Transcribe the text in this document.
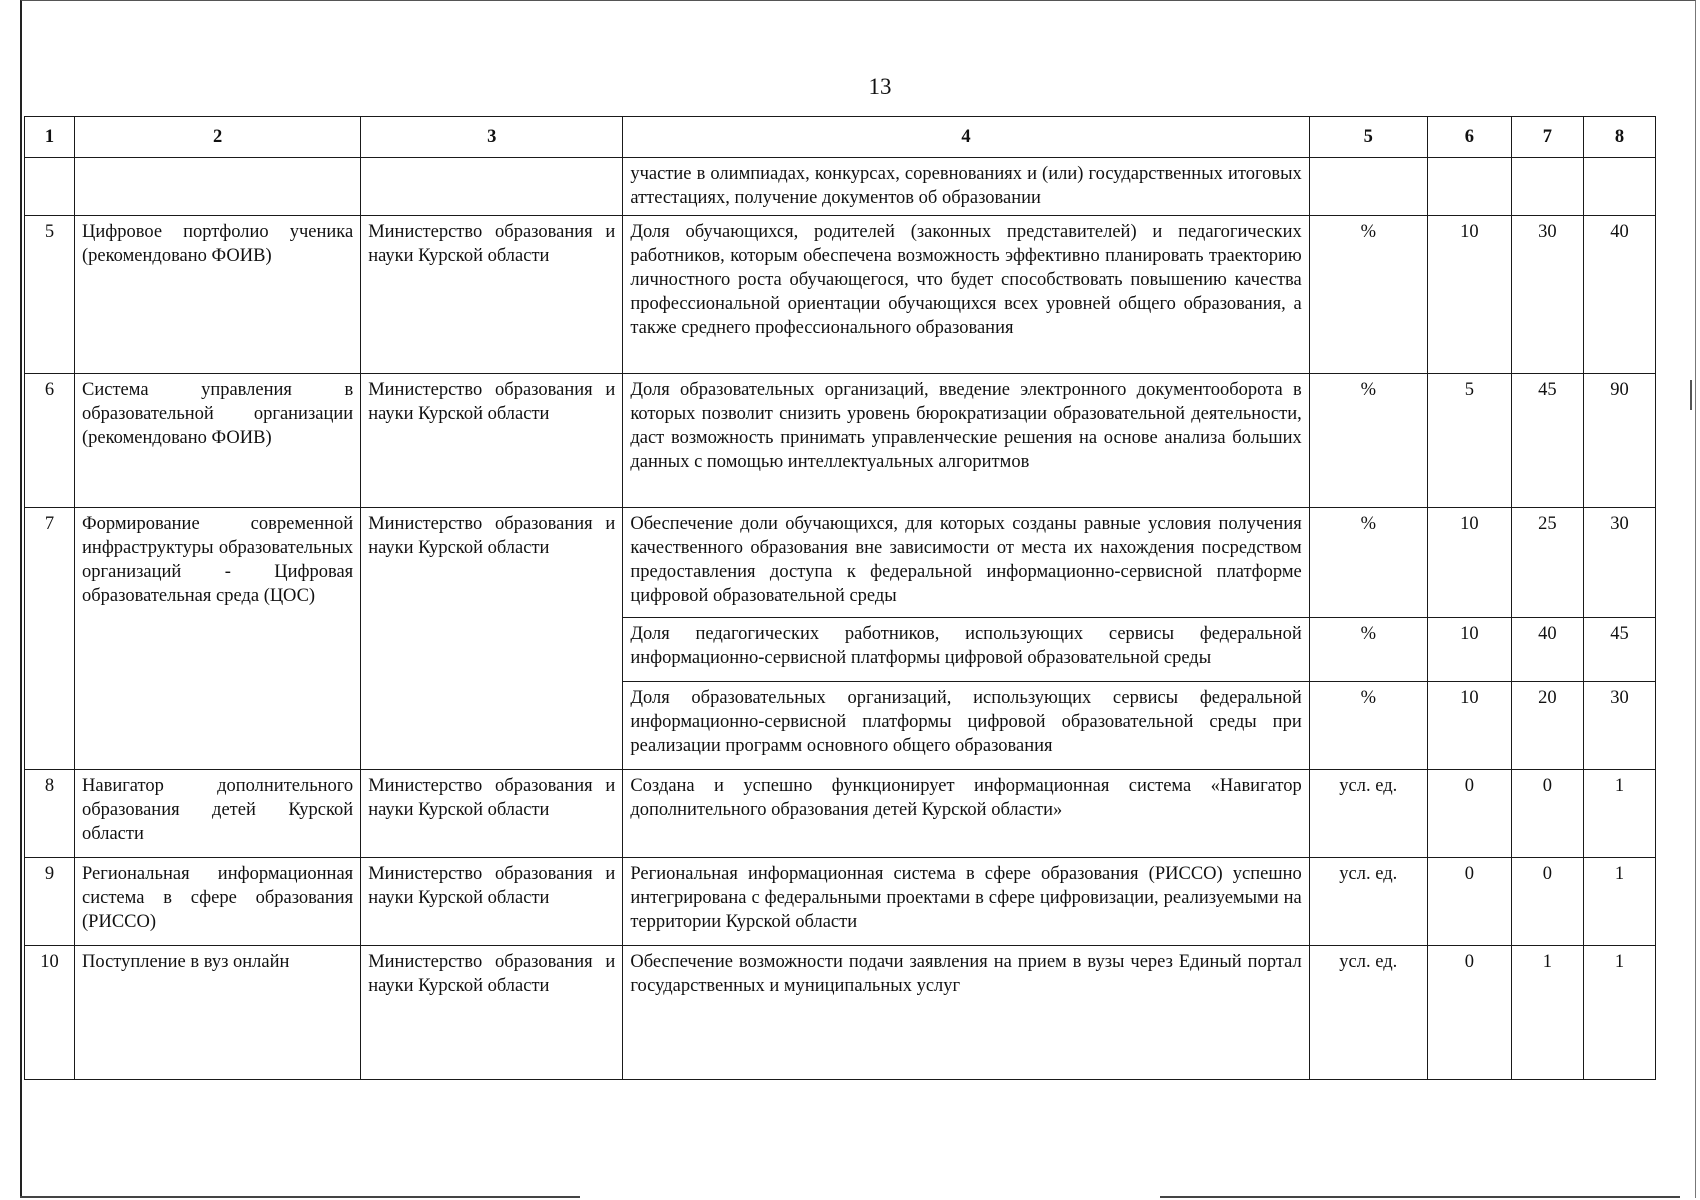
13
1	2	3	4	5	6	7	8
			участие в олимпиадах, конкурсах, соревнованиях и (или) государственных итоговых аттестациях, получение документов об образовании				
5	Цифровое портфолио ученика (рекомендовано ФОИВ)	Министерство образования и науки Курской области	Доля обучающихся, родителей (законных представителей) и педагогических работников, которым обеспечена возможность эффективно планировать траекторию личностного роста обучающегося, что будет способствовать повышению качества профессиональной ориентации обучающихся всех уровней общего образования, а также среднего профессионального образования	%	10	30	40
6	Система управления в образовательной организации (рекомендовано ФОИВ)	Министерство образования и науки Курской области	Доля образовательных организаций, введение электронного документооборота в которых позволит снизить уровень бюрократизации образовательной деятельности, даст возможность принимать управленческие решения на основе анализа больших данных с помощью интеллектуальных алгоритмов	%	5	45	90
7	Формирование современной инфраструктуры образовательных организаций - Цифровая образовательная среда (ЦОС)	Министерство образования и науки Курской области	Обеспечение доли обучающихся, для которых созданы равные условия получения качественного образования вне зависимости от места их нахождения посредством предоставления доступа к федеральной информационно-сервисной платформе цифровой образовательной среды	%	10	25	30
			Доля педагогических работников, использующих сервисы федеральной информационно-сервисной платформы цифровой образовательной среды	%	10	40	45
			Доля образовательных организаций, использующих сервисы федеральной информационно-сервисной платформы цифровой образовательной среды при реализации программ основного общего образования	%	10	20	30
8	Навигатор дополнительного образования детей Курской области	Министерство образования и науки Курской области	Создана и успешно функционирует информационная система «Навигатор дополнительного образования детей Курской области»	усл. ед.	0	0	1
9	Региональная информационная система в сфере образования (РИССО)	Министерство образования и науки Курской области	Региональная информационная система в сфере образования (РИССО) успешно интегрирована с федеральными проектами в сфере цифровизации, реализуемыми на территории Курской области	усл. ед.	0	0	1
10	Поступление в вуз онлайн	Министерство образования и науки Курской области	Обеспечение возможности подачи заявления на прием в вузы через Единый портал государственных и муниципальных услуг	усл. ед.	0	1	1
